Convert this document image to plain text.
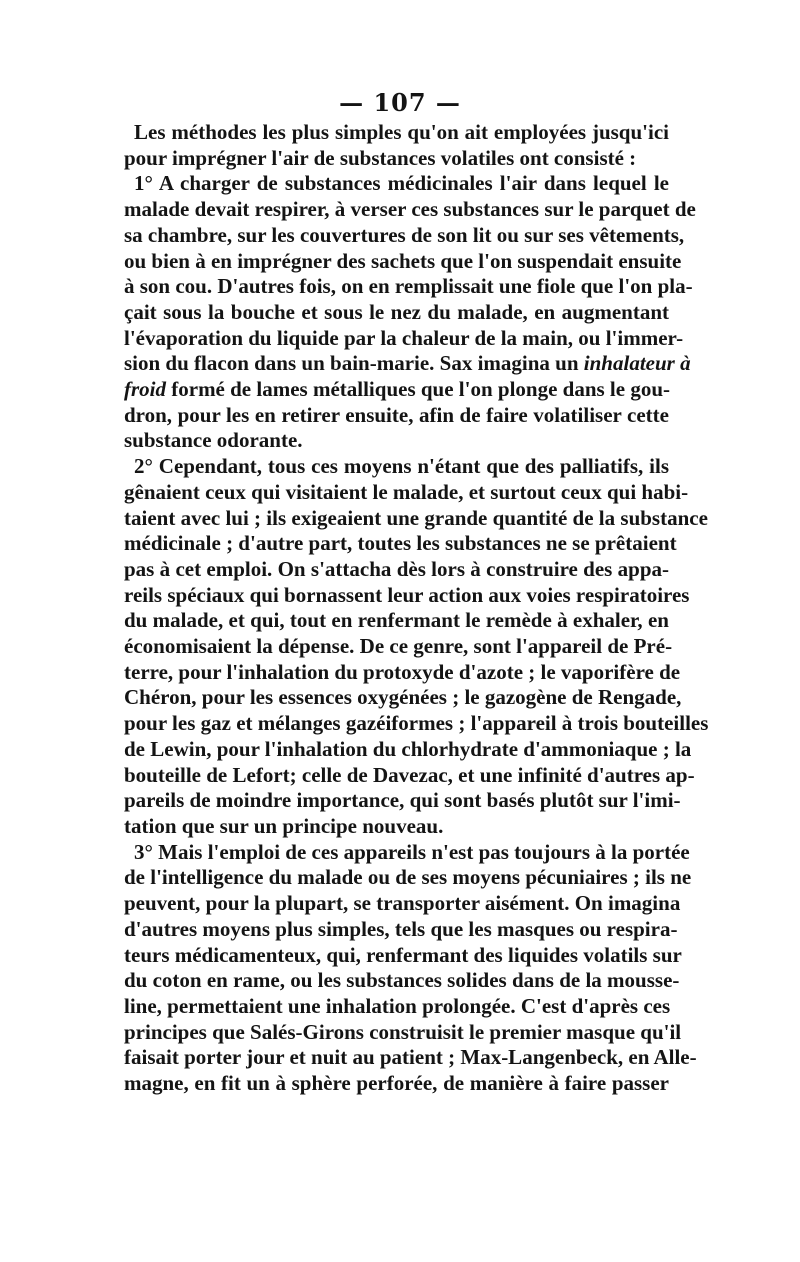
— 107 —
Les méthodes les plus simples qu'on ait employées jusqu'ici
pour imprégner l'air de substances volatiles ont consisté :
1° A charger de substances médicinales l'air dans lequel le
malade devait respirer, à verser ces substances sur le parquet de
sa chambre, sur les couvertures de son lit ou sur ses vêtements,
ou bien à en imprégner des sachets que l'on suspendait ensuite
à son cou. D'autres fois, on en remplissait une fiole que l'on pla-
çait sous la bouche et sous le nez du malade, en augmentant
l'évaporation du liquide par la chaleur de la main, ou l'immer-
sion du flacon dans un bain-marie. Sax imagina un inhalateur à
froid formé de lames métalliques que l'on plonge dans le gou-
dron, pour les en retirer ensuite, afin de faire volatiliser cette
substance odorante.
2° Cependant, tous ces moyens n'étant que des palliatifs, ils
gênaient ceux qui visitaient le malade, et surtout ceux qui habi-
taient avec lui ; ils exigeaient une grande quantité de la substance
médicinale ; d'autre part, toutes les substances ne se prêtaient
pas à cet emploi. On s'attacha dès lors à construire des appa-
reils spéciaux qui bornassent leur action aux voies respiratoires
du malade, et qui, tout en renfermant le remède à exhaler, en
économisaient la dépense. De ce genre, sont l'appareil de Pré-
terre, pour l'inhalation du protoxyde d'azote ; le vaporifère de
Chéron, pour les essences oxygénées ; le gazogène de Rengade,
pour les gaz et mélanges gazéiformes ; l'appareil à trois bouteilles
de Lewin, pour l'inhalation du chlorhydrate d'ammoniaque ; la
bouteille de Lefort; celle de Davezac, et une infinité d'autres ap-
pareils de moindre importance, qui sont basés plutôt sur l'imi-
tation que sur un principe nouveau.
3° Mais l'emploi de ces appareils n'est pas toujours à la portée
de l'intelligence du malade ou de ses moyens pécuniaires ; ils ne
peuvent, pour la plupart, se transporter aisément. On imagina
d'autres moyens plus simples, tels que les masques ou respira-
teurs médicamenteux, qui, renfermant des liquides volatils sur
du coton en rame, ou les substances solides dans de la mousse-
line, permettaient une inhalation prolongée. C'est d'après ces
principes que Salés-Girons construisit le premier masque qu'il
faisait porter jour et nuit au patient ; Max-Langenbeck, en Alle-
magne, en fit un à sphère perforée, de manière à faire passer
